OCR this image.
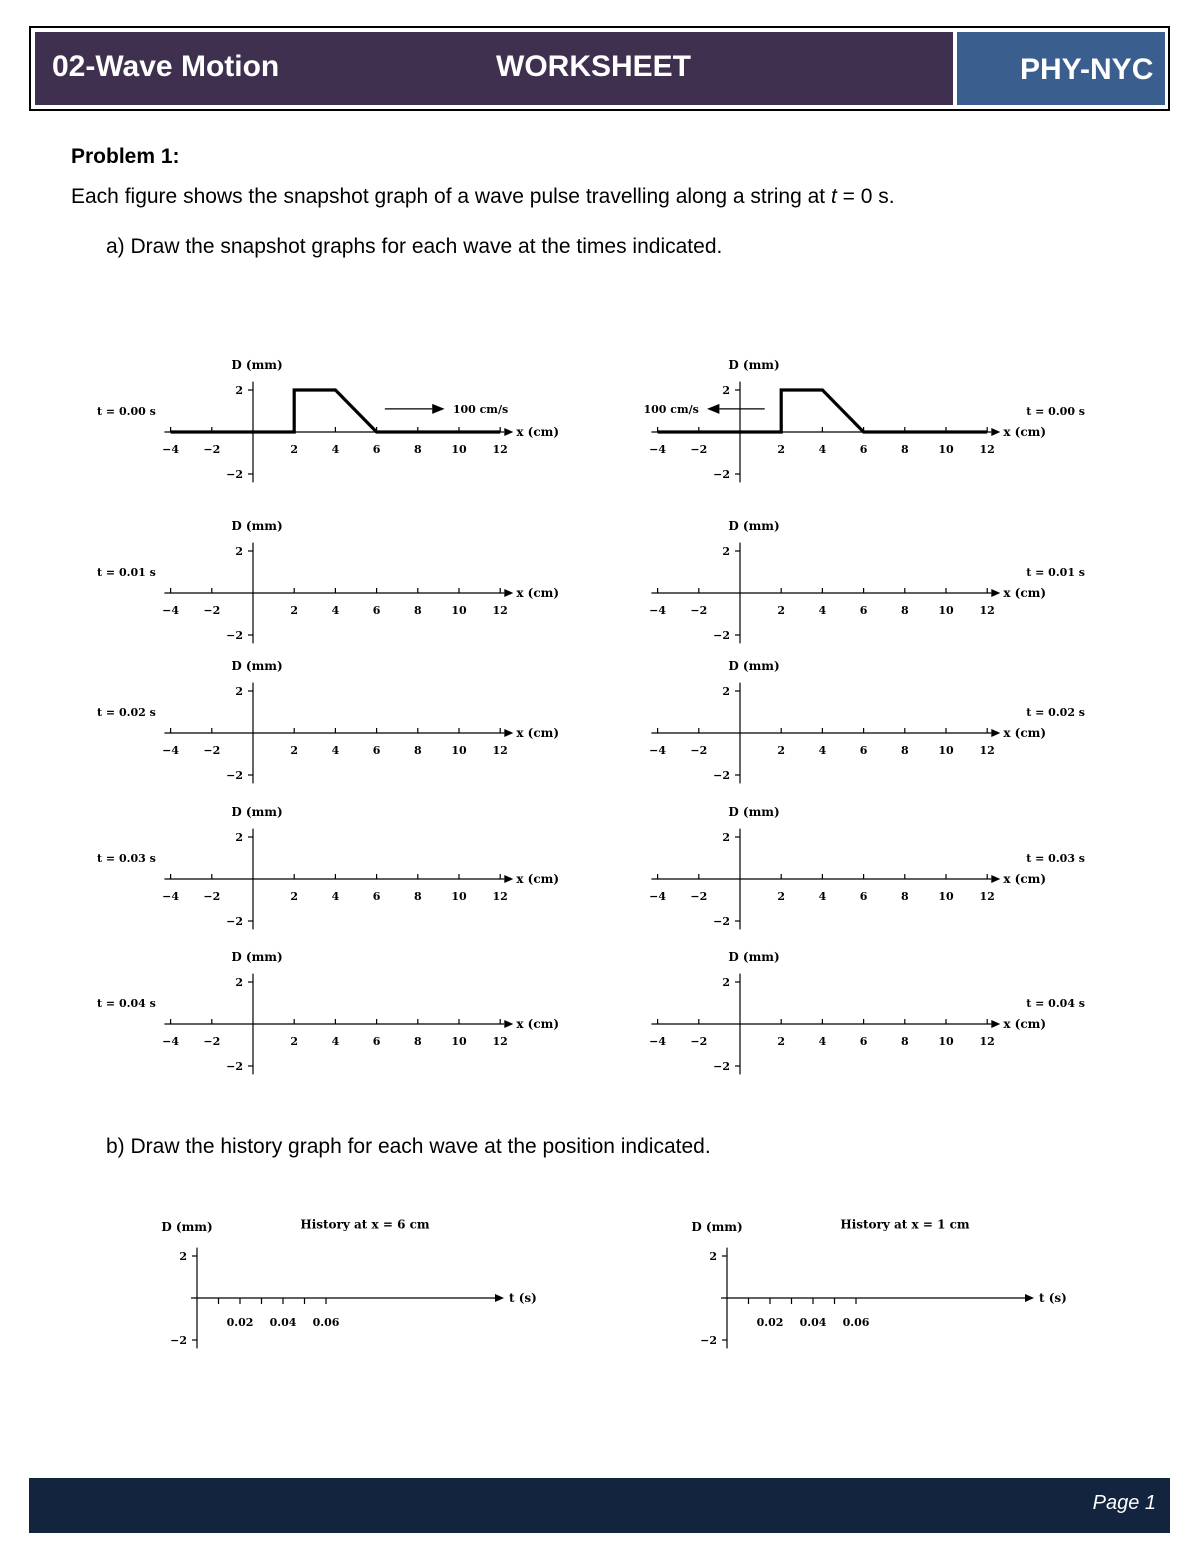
02-Wave Motion	WORKSHEET	PHY-NYC
Problem 1:
Each figure shows the snapshot graph of a wave pulse travelling along a string at t = 0 s.
a) Draw the snapshot graphs for each wave at the times indicated.
b) Draw the history graph for each wave at the position indicated.
2
−2
D (mm)
x (cm)
−4 −2	2	4	6	8	10 12
t = 0.00 s
2
−2
D (mm)
x (cm)
−4 −2	2	4	6	8	10 12
t = 0.01 s
2
−2
D (mm)
x (cm)
−4 −2	2	4	6	8	10 12
t = 0.02 s
2
−2
D (mm)
x (cm)
−4 −2	2	4	6	8	10 12
t = 0.03 s
2
−2
D (mm)
x (cm)
−4 −2	2	4	6	8	10 12
t = 0.04 s
2
−2
D (mm)
x (cm)
−4 −2	2	4	6	8	10 12
t = 0.00 s
2
−2
D (mm)
x (cm)
−4 −2	2	4	6	8	10 12
t = 0.01 s
2
−2
D (mm)
x (cm)
−4 −2	2	4	6	8	10 12
t = 0.02 s
2
−2
D (mm)
x (cm)
−4 −2	2	4	6	8	10 12
t = 0.03 s
2
−2
D (mm)
x (cm)
−4 −2	2	4	6	8	10 12
t = 0.04 s
100 cm/s	100 cm/s
2
−2
D (mm)
t (s)
0.02 0.04 0.06
History at x = 6 cm
2
−2
D (mm)
t (s)
0.02 0.04 0.06
History at x = 1 cm
Page 1
